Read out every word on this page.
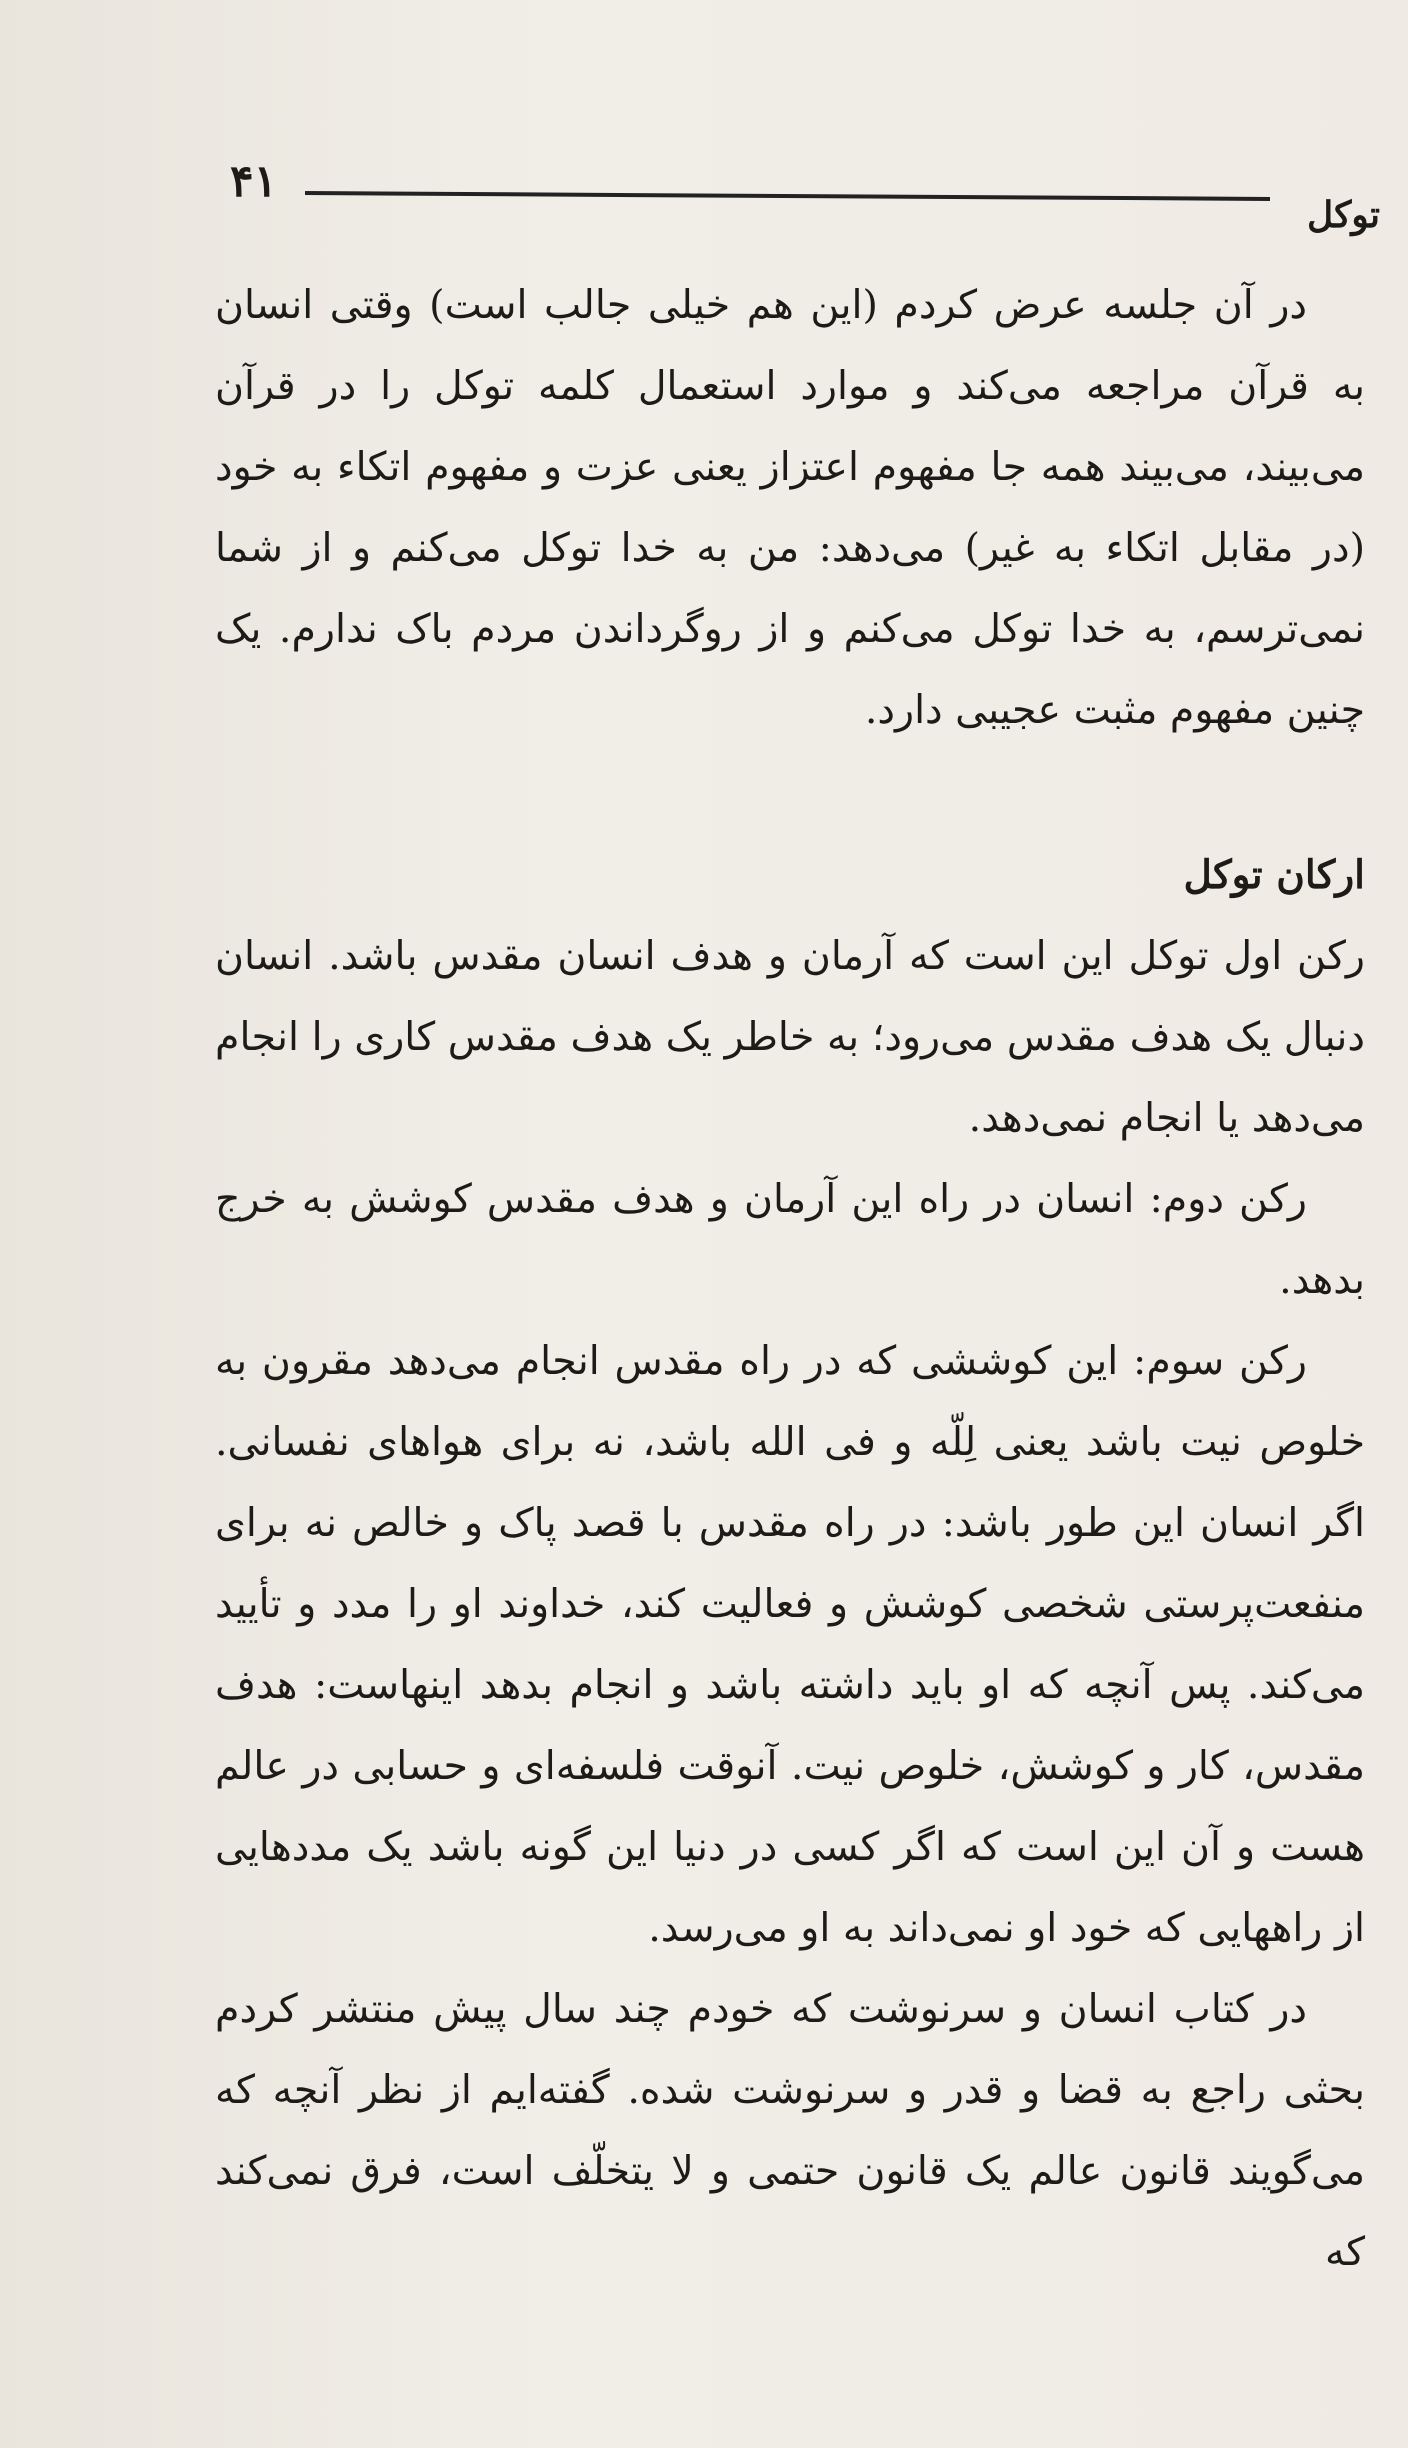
۴۱
توکل

در آن جلسه عرض کردم (این هم خیلی جالب است) وقتی انسان به قرآن مراجعه می‌کند و موارد استعمال کلمه توکل را در قرآن می‌بیند، می‌بیند همه جا مفهوم اعتزاز یعنی عزت و مفهوم اتکاء به خود (در مقابل اتکاء به غیر) می‌دهد: من به خدا توکل می‌کنم و از شما نمی‌ترسم، به خدا توکل می‌کنم و از روگرداندن مردم باک ندارم. یک چنین مفهوم مثبت عجیبی دارد.

ارکان توکل

رکن اول توکل این است که آرمان و هدف انسان مقدس باشد. انسان دنبال یک هدف مقدس می‌رود؛ به خاطر یک هدف مقدس کاری را انجام می‌دهد یا انجام نمی‌دهد.

رکن دوم: انسان در راه این آرمان و هدف مقدس کوشش به خرج بدهد.

رکن سوم: این کوششی که در راه مقدس انجام می‌دهد مقرون به خلوص نیت باشد یعنی لِلّه و فی الله باشد، نه برای هواهای نفسانی. اگر انسان این طور باشد: در راه مقدس با قصد پاک و خالص نه برای منفعت‌پرستی شخصی کوشش و فعالیت کند، خداوند او را مدد و تأیید می‌کند. پس آنچه که او باید داشته باشد و انجام بدهد اینهاست: هدف مقدس، کار و کوشش، خلوص نیت. آنوقت فلسفه‌ای و حسابی در عالم هست و آن این است که اگر کسی در دنیا این گونه باشد یک مددهایی از راههایی که خود او نمی‌داند به او می‌رسد.

در کتاب انسان و سرنوشت که خودم چند سال پیش منتشر کردم بحثی راجع به قضا و قدر و سرنوشت شده. گفته‌ایم از نظر آنچه که می‌گویند قانون عالم یک قانون حتمی و لا یتخلّف است، فرق نمی‌کند که
